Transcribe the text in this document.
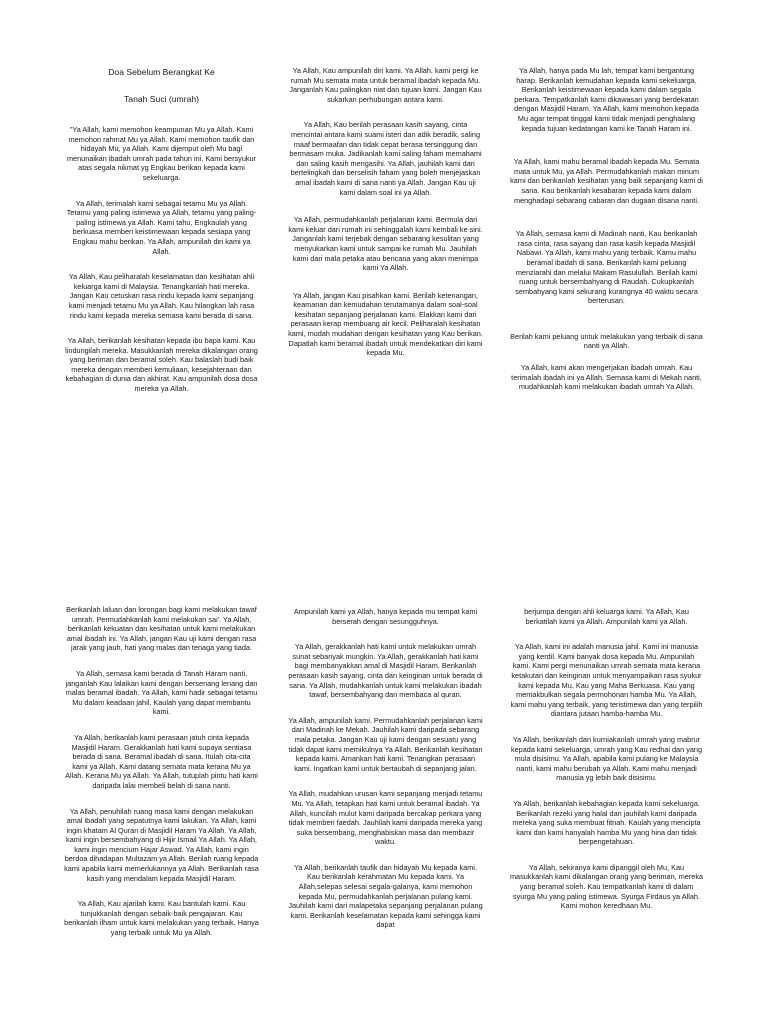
Doa Sebelum Berangkat Ke

Tanah Suci (umrah)

"Ya Allah, kami memohon keampunan Mu ya Allah. Kami memohon rahmat Mu ya Allah. Kami memohon taufik dan hidayah Mu, ya Allah. Kami dijemput oleh Mu bagi menunaikan ibadah umrah pada tahun ini. Kami bersyukur atas segala nikmat yg Engkau berikan kepada kami sekeluarga.

Ya Allah, terimalah kami sebagai tetamu Mu ya Allah. Tetamu yang paling istimewa ya Allah, tetamu yang paling-paling istimewa ya Allah. Kami tahu, Engkaulah yang berkuasa memberi keistimewaan kepada sesiapa yang Engkau mahu berikan. Ya Allah, ampunilah diri kami ya Allah.

Ya Allah, Kau peliharalah keselamatan dan kesihatan ahli keluarga kami di Malaysia. Tenangkanlah hati mereka. Jangan Kau cetuskan rasa rindu kepada kami sepanjang kami menjadi tetamu Mu ya Allah. Kau hilangkan lah rasa rindu kami kepada mereka semasa kami berada di sana.

Ya Allah, berikanlah kesihatan kepada ibu bapa kami. Kau lindungilah mereka. Masukkanlah mereka dikalangan orang yang beriman dan beramal soleh. Kau balaslah budi baik mereka dengan memberi kemuliaan, kesejahteraan dan kebahagian di dunia dan akhirat. Kau ampunilah dosa dosa mereka ya Allah.

Ya Allah, Kau ampunilah diri kami. Ya Allah, kami pergi ke rumah Mu semata mata untuk beramal ibadah kepada Mu. Janganlah Kau palingkan niat dan tujuan kami. Jangan Kau sukarkan perhubungan antara kami.

Ya Allah, Kau berilah perasaan kasih sayang, cinta mencintai antara kami suami isteri dan adik beradik, saling maaf bermaafan dan tidak cepat berasa tersinggung dan bermasam muka. Jadikanlah kami saling faham memahami dan saling kasih mengasihi. Ya Allah, jauhilah kami dari bertelingkah dan berselisih faham yang boleh menjejaskan amal ibadah kami di sana nanti ya Allah. Jangan Kau uji kami dalam soal ini ya Allah.

Ya Allah, permudahkanlah perjalanan kami. Bermula dari kami keluar dari rumah ini sehinggalah kami kembali ke sini. Janganlah kami terjebak dengan sebarang kesulitan yang menyukarkan kami untuk sampai ke rumah Mu. Jauhilah kami dari mala petaka atau bencana yang akan menimpa kami Ya Allah.

Ya Allah, jangan Kau pisahkan kami. Berilah ketenangan, keamanan dan kemudahan terutamanya dalam soal-soal kesihatan sepanjang perjalanan kami. Elakkan kami dari perasaan kerap membuang air kecil. Peliharalah kesihatan kami, mudah mudahan dengan kesihatan yang Kau berikan. Dapatlah kami beramal ibadah untuk mendekatkan diri kami kepada Mu.

Ya Allah, hanya pada Mu lah, tempat kami bergantung harap. Berikanlah kemudahan kepada kami sekeluarga. Berikanlah keistimewaan kepada kami dalam segala perkara. Tempatkanlah kami dikawasan yang berdekatan dengan Masjidil Haram. Ya Allah, kami memohon kepada Mu agar tempat tinggal kami tidak menjadi penghalang kepada tujuan kedatangan kami ke Tanah Haram ini.

Ya Allah, kami mahu beramal ibadah kepada Mu. Semata mata untuk Mu, ya Allah. Permudahkanlah makan minum kami dan berikanlah kesihatan yang baik sepanjang kami di sana. Kau berikanlah kesabaran kepada kami dalam menghadapi sebarang cabaran dan dugaan disana nanti.

Ya Allah, semasa kami di Madinah nanti, Kau berikanlah rasa cinta, rasa sayang dan rasa kasih kepada Masjidil Nabawi. Ya Allah, kami mahu yang terbaik. Kamu mahu beramal ibadah di sana. Berikanlah kami peluang menziarahi dan melalui Makam Rasulullah. Berilah kami ruang untuk bersembahyang di Raudah. Cukupkanlah sembahyang kami sekurang kurangnya 40 waktu secara berterusan.

Berilah kami peluang untuk melakukan yang terbaik di sana nanti ya Allah.

Ya Allah, kami akan mengerjakan ibadah umrah. Kau terimalah ibadah ini ya Allah. Semasa kami di Mekah nanti, mudahkanlah kami melakukan ibadah umrah Ya Allah.

Berikanlah laluan dan lorongan bagi kami melakukan tawaf umrah. Permudahkanlah kami melakukan sai'. Ya Allah, berikanlah kekuatan dan kesihatan untuk kami melakukan amal ibadah ini. Ya Allah, jangan Kau uji kami dengan rasa jarak yang jauh, hati yang malas dan tenaga yang tiada.

Ya Allah, semasa kami berada di Tanah Haram nanti, janganlah Kau lalaikan kami dengan bersenang lenang dan malas beramal ibadah. Ya Allah, kami hadir sebagai tetamu Mu dalam keadaan jahil. Kaulah yang dapat membantu kami.

Ya Allah, berikanlah kami perasaan jatuh cinta kepada Masjidil Haram. Gerakkanlah hati kami supaya sentiasa berada di sana. Beramal ibadah di sana. Itulah cita-cita kami ya Allah. Kami datang semata mata kerana Mu ya Allah. Kerana Mu ya Allah. Ya Allah, tutuplah pintu hati kami daripada lalai membeli belah di sana nanti.

Ya Allah, penuhilah ruang masa kami dengan melakukan amal ibadah yang sepatutnya kami lakukan. Ya Allah, kami ingin khatam Al Quran di Masjidil Haram Ya Allah. Ya Allah, kami ingin bersembahyang di Hijir Ismail Ya Allah. Ya Allah, kami ingin mencium Hajar Aswad. Ya Allah, kami ingin berdoa dihadapan Multazam ya Allah. Berilah ruang kepada kami apabila kami memerlukannya ya Allah. Berikanlah rasa kasih yang mendalam kepada Masjidil Haram.

Ya Allah, Kau ajarilah kami. Kau bantulah kami. Kau tunjukkanlah dengan sebaik-baik pengajaran. Kau berikanlah ilham untuk kami melakukan yang terbaik. Hanya yang terbaik untuk Mu ya Allah.

Ampunilah kami ya Allah, hanya kepada mu tempat kami berserah dengan sesungguhnya.

Ya Allah, gerakkanlah hati kami untuk melakukan umrah sunat sebanyak mungkin. Ya Allah, gerakkanlah hati kami bagi membanyakkan amal di Masjidil Haram. Berikanlah perasaan kasih sayang, cinta dan keinginan untuk berada di sana. Ya Allah, mudahkanlah untuk kami melakukan ibadah tawaf, bersembahyang dan membaca al quran.

Ya Allah, ampunilah kami. Permudahkanlah perjalanan kami dari Madinah ke Mekah. Jauhilah kami daripada sebarang mala petaka. Jangan Kau uji kami dengan sesuatu yang tidak dapat kami memikulnya Ya Allah. Berikanlah kesihatan kepada kami. Amankan hati kami. Tenangkan perasaan kami. Ingatkan kami untuk bertaubah di sepanjang jalan.

Ya Allah, mudahkan urusan kami sepanjang menjadi tetamu Mu. Ya Allah, tetapkan hati kami untuk beramal ibadah. Ya Allah, kuncilah mulut kami daripada bercakap perkara yang tidak memberi faedah. Jauhilah kami daripada mereka yang suka bersembang, menghabiskan masa dan membazir waktu.

Ya Allah, berikanlah taufik dan hidayah Mu kepada kami. Kau berikanlah kerahmatan Mu kepada kami. Ya Allah,selepas selesai segala-galanya, kami memohon kepada Mu, permudahkanlah perjalanan pulang kami. Jauhilah kami dari malapetaka sepanjang perjalanan pulang kami. Berikanlah keselamatan kepada kami sehingga kami dapat

berjumpa dengan ahli keluarga kami. Ya Allah, Kau berkatilah kami ya Allah. Ampunilah kami ya Allah.

Ya Allah, kami ini adalah manusia jahil. Kami ini manusia yang kerdil. Kami banyak dosa kepada Mu. Ampunilah kami. Kami pergi menunaikan umrah semata mata kerana ketakutan dan keinginan untuk menyampaikan rasa syukur kami kepada Mu. Kau yang Maha Berkuasa. Kau yang memakbulkan segala permohonan hamba Mu. Ya Allah, kami mahu yang terbaik, yang teristimewa dan yang terpilih diantara jutaan hamba-hamba Mu.

Ya Allah, berikanlah dan kurniakanlah umrah yang mabrur kepada kami sekeluarga, umrah yang Kau redhai dan yang mula disisimu. Ya Allah, apabila kami pulang ke Malaysia nanti, kami mahu berubah ya Allah. Kami mahu menjadi manusia yg lebih baik disisimu.

Ya Allah, berikanlah kebahagian kepada kami sekeluarga. Berikanlah rezeki yang halal dan jauhilah kami daripada mereka yang suka membuat fitnah. Kaulah yang mencipta kami dan kami hanyalah hamba Mu yang hina dan tidak berpengetahuan.

Ya Allah, sekiranya kami dipanggil oleh Mu, Kau masukkanlah kami dikalangan orang yang beriman, mereka yang beramal soleh. Kau tempatkanlah kami di dalam syurga Mu yang paling istimewa. Syurga Firdaus ya Allah. Kami mohon keredhaan Mu.
